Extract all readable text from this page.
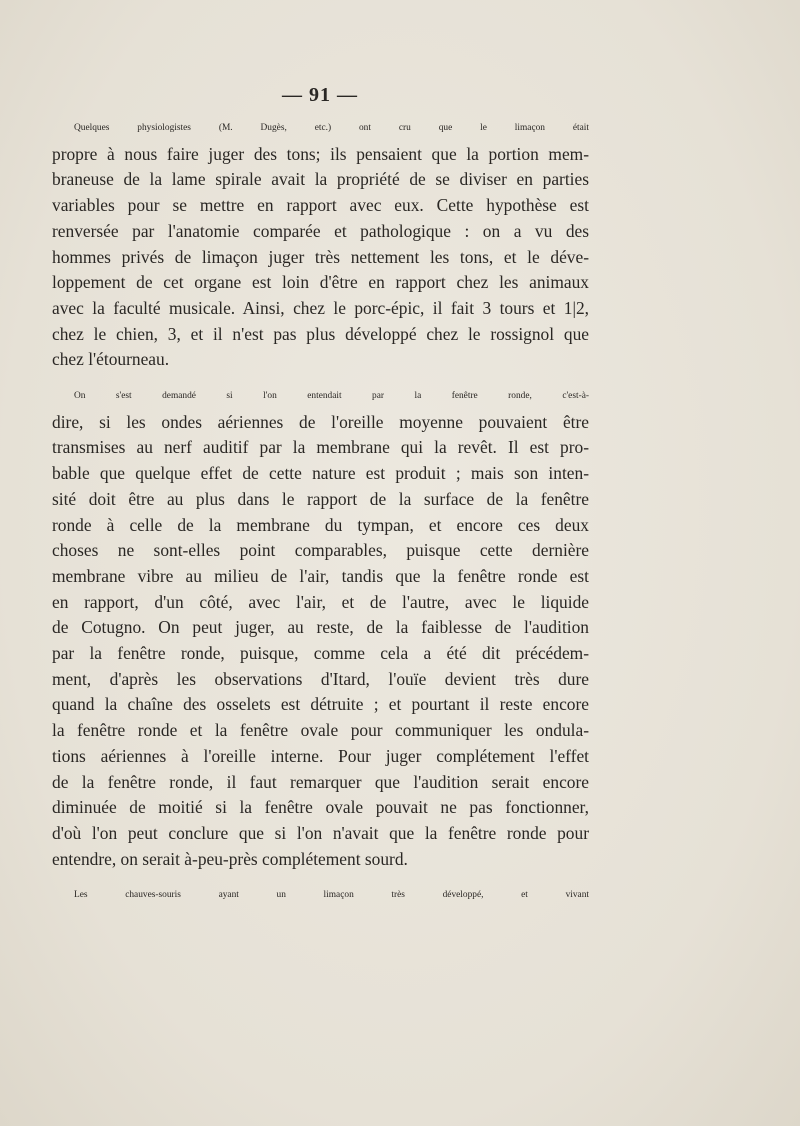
— 91 —
Quelques physiologistes (M. Dugès, etc.) ont cru que le limaçon était
propre à nous faire juger des tons; ils pensaient que la portion mem-
braneuse de la lame spirale avait la propriété de se diviser en parties
variables pour se mettre en rapport avec eux. Cette hypothèse est
renversée par l'anatomie comparée et pathologique : on a vu des
hommes privés de limaçon juger très nettement les tons, et le déve-
loppement de cet organe est loin d'être en rapport chez les animaux
avec la faculté musicale. Ainsi, chez le porc-épic, il fait 3 tours et 1|2,
chez le chien, 3, et il n'est pas plus développé chez le rossignol que
chez l'étourneau.
On s'est demandé si l'on entendait par la fenêtre ronde, c'est-à-
dire, si les ondes aériennes de l'oreille moyenne pouvaient être
transmises au nerf auditif par la membrane qui la revêt. Il est pro-
bable que quelque effet de cette nature est produit ; mais son inten-
sité doit être au plus dans le rapport de la surface de la fenêtre
ronde à celle de la membrane du tympan, et encore ces deux
choses ne sont-elles point comparables, puisque cette dernière
membrane vibre au milieu de l'air, tandis que la fenêtre ronde est
en rapport, d'un côté, avec l'air, et de l'autre, avec le liquide
de Cotugno. On peut juger, au reste, de la faiblesse de l'audition
par la fenêtre ronde, puisque, comme cela a été dit précédem-
ment, d'après les observations d'Itard, l'ouïe devient très dure
quand la chaîne des osselets est détruite ; et pourtant il reste encore
la fenêtre ronde et la fenêtre ovale pour communiquer les ondula-
tions aériennes à l'oreille interne. Pour juger complétement l'effet
de la fenêtre ronde, il faut remarquer que l'audition serait encore
diminuée de moitié si la fenêtre ovale pouvait ne pas fonctionner,
d'où l'on peut conclure que si l'on n'avait que la fenêtre ronde pour
entendre, on serait à-peu-près complétement sourd.
Les chauves-souris ayant un limaçon très développé, et vivant
